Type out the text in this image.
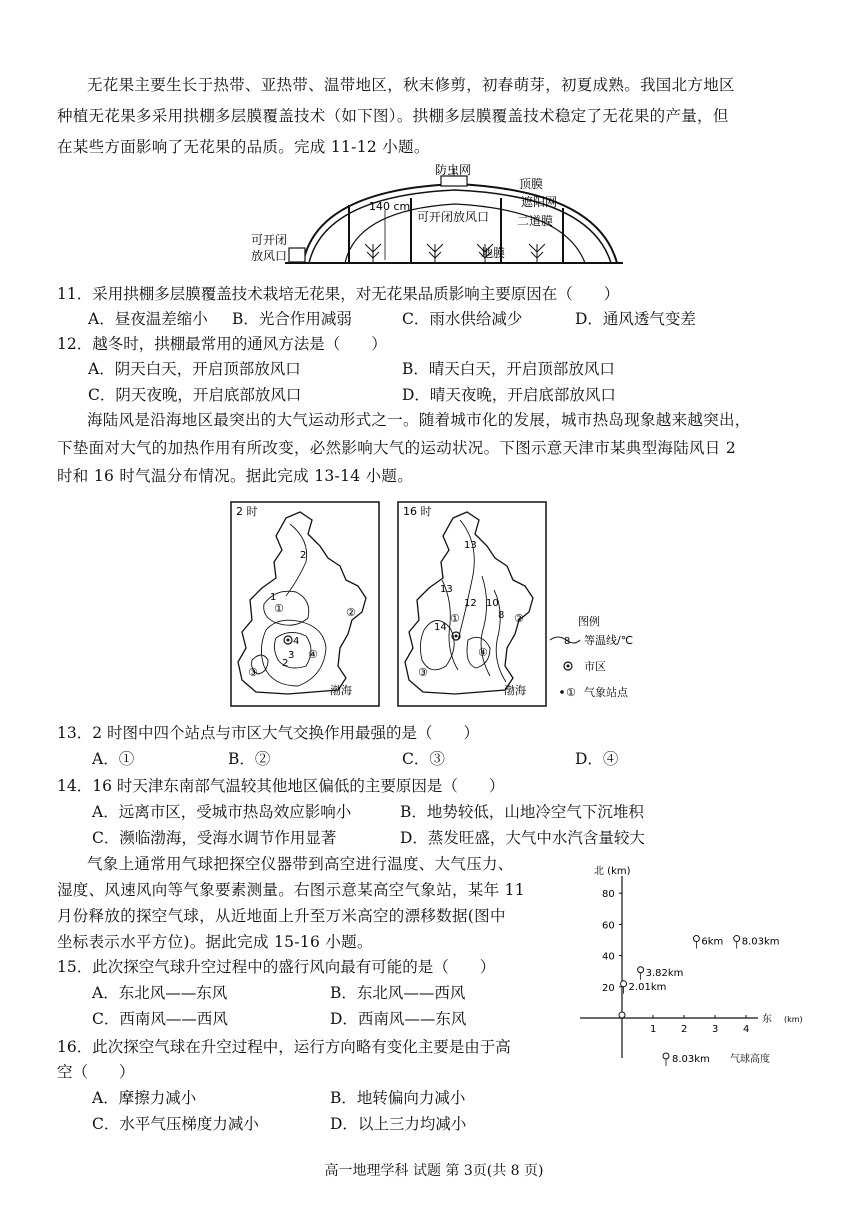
无花果主要生长于热带、亚热带、温带地区，秋末修剪，初春萌芽，初夏成熟。我国北方地区
种植无花果多采用拱棚多层膜覆盖技术（如下图）。拱棚多层膜覆盖技术稳定了无花果的产量，但
在某些方面影响了无花果的品质。完成 11-12 小题。
防虫网
顶膜
遮阳网
二道膜
140 cm
可开闭放风口
可开闭
放风口	地膜
11．采用拱棚多层膜覆盖技术栽培无花果，对无花果品质影响主要原因在（　　）
A．昼夜温差缩小 B．光合作用减弱	C．雨水供给减少	D．通风透气变差
12．越冬时，拱棚最常用的通风方法是（　　）
A．阴天白天，开启顶部放风口	B．晴天白天，开启顶部放风口
C．阴天夜晚，开启底部放风口	D．晴天夜晚，开启底部放风口
海陆风是沿海地区最突出的大气运动形式之一。随着城市化的发展，城市热岛现象越来越突出，
下垫面对大气的加热作用有所改变，必然影响大气的运动状况。下图示意天津市某典型海陆风日 2
时和 16 时气温分布情况。据此完成 13-14 小题。
2 时
2
1
4
3
2
①	②
③
④
渤海
16 时
13
13
12 10
8
14
①	②
③
④
渤海
图例
8 等温线/℃
市区
① 气象站点
13．2 时图中四个站点与市区大气交换作用最强的是（　　）
A．①	B．②	C．③	D．④
14．16 时天津东南部气温较其他地区偏低的主要原因是（　　）
A．远离市区，受城市热岛效应影响小	B．地势较低，山地冷空气下沉堆积
C．濒临渤海，受海水调节作用显著	D．蒸发旺盛，大气中水汽含量较大
气象上通常用气球把探空仪器带到高空进行温度、大气压力、
湿度、风速风向等气象要素测量。右图示意某高空气象站，某年 11
月份释放的探空气球，从近地面上升至万米高空的漂移数据(图中
坐标表示水平方位)。据此完成 15-16 小题。
北 (km)
东 (km)
80
60
40
20
1 2 3 4
2.01km
3.82km
6km 8.03km
8.03km 气球高度
15．此次探空气球升空过程中的盛行风向最有可能的是（　　）
A．东北风——东风	B．东北风——西风
C．西南风——西风	D．西南风——东风
16．此次探空气球在升空过程中，运行方向略有变化主要是由于高
空（　　）
A．摩擦力减小	B．地转偏向力减小
C．水平气压梯度力减小	D．以上三力均减小
高一地理学科 试题 第 3页(共 8 页)
